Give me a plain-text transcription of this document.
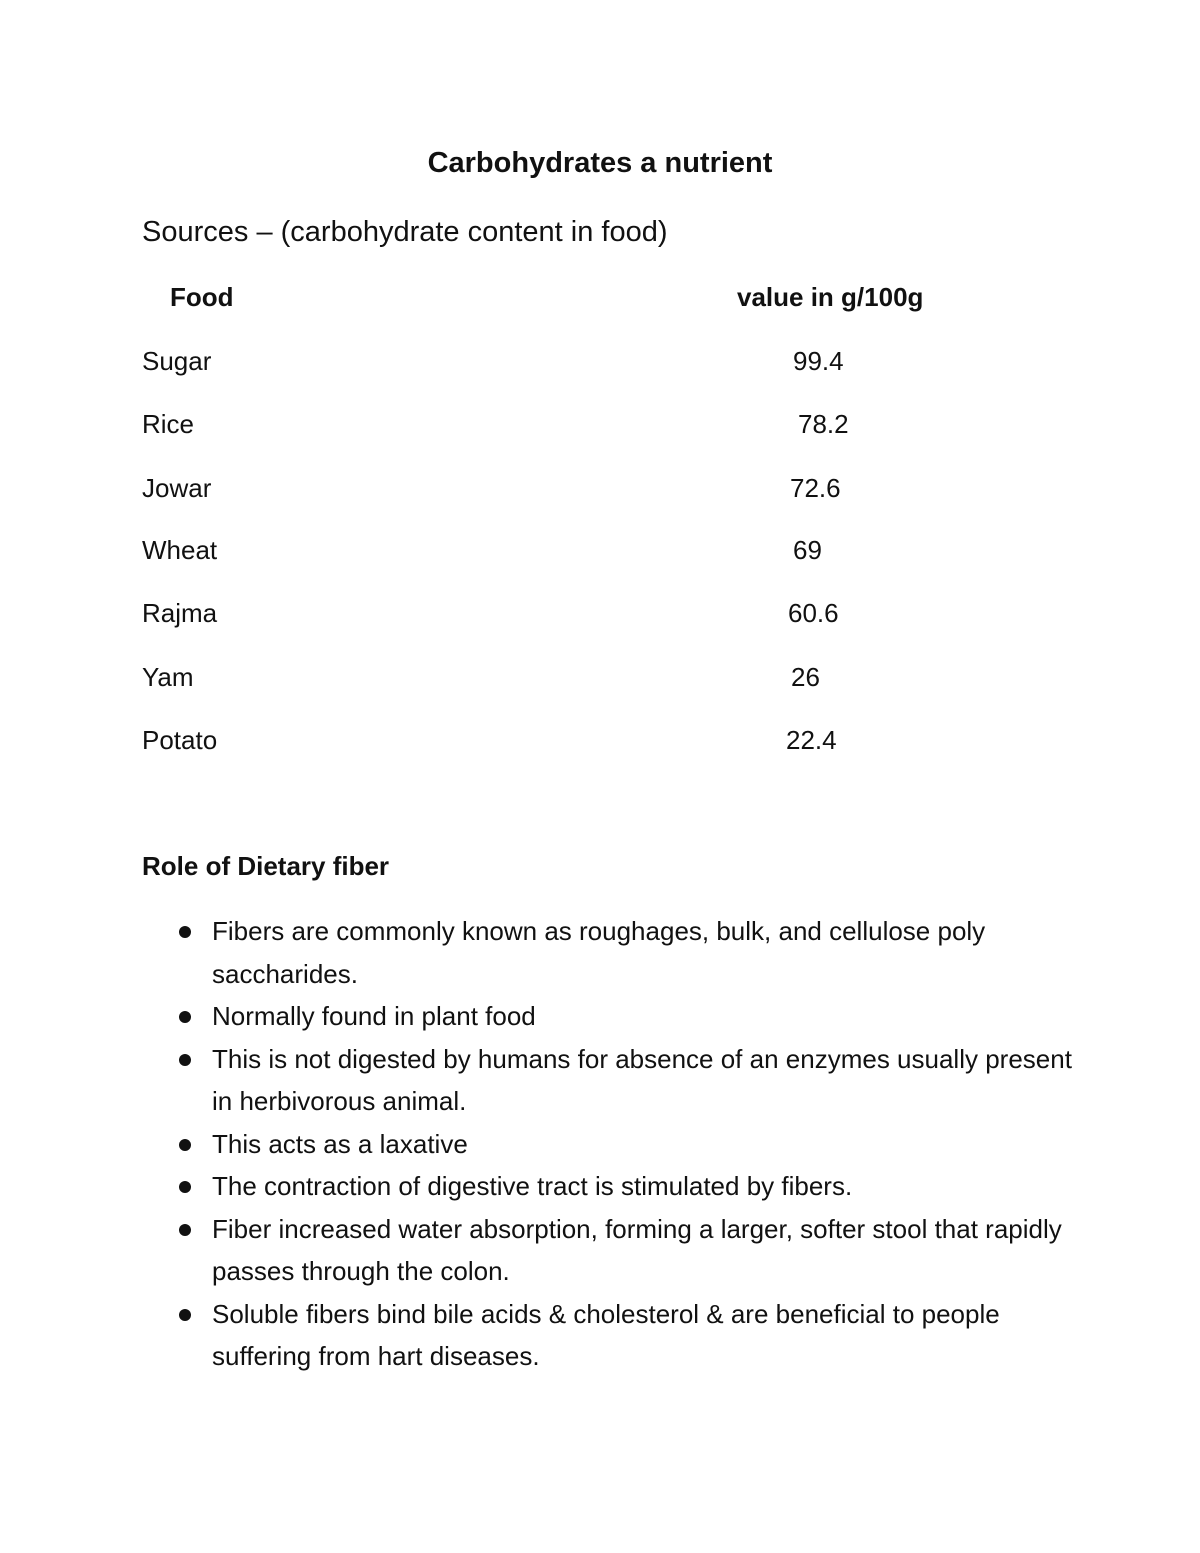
Carbohydrates a nutrient

Sources – (carbohydrate content in food)

Food	value in g/100g
Sugar	99.4
Rice	78.2
Jowar	72.6
Wheat	69
Rajma	60.6
Yam	26
Potato	22.4
Role of Dietary fiber
Fibers are commonly known as roughages, bulk, and cellulose poly saccharides.
Normally found in plant food
This is not digested by humans for absence of an enzymes usually present in herbivorous animal.
This acts as a laxative
The contraction of digestive tract is stimulated by fibers.
Fiber increased water absorption, forming a larger, softer stool that rapidly passes through the colon.
Soluble fibers bind bile acids & cholesterol & are beneficial to people suffering from hart diseases.
